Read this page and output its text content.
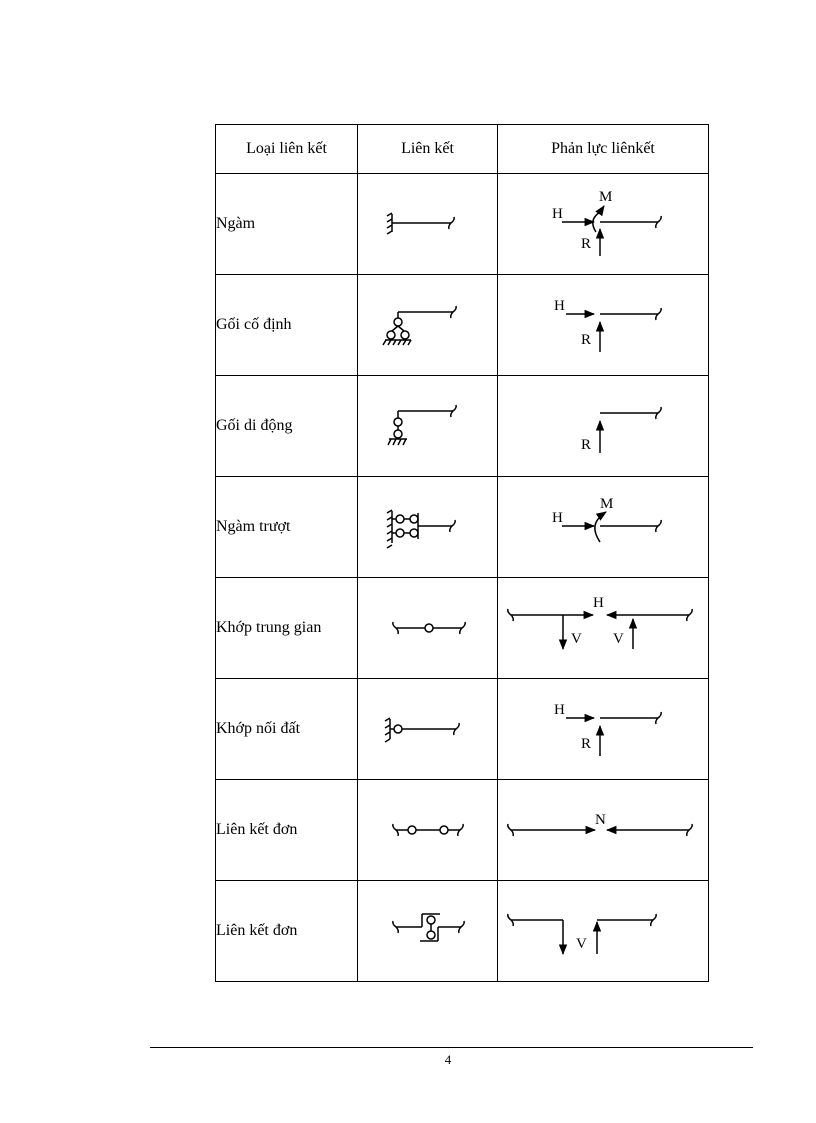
Loại liên kết	Liên kết	Phản lực liênkết
Ngàm		H
M
R

Gối cố định		H
R

Gối di động		R

Ngàm trượt		H
M

Khớp trung gian		H
V V

Khớp nối đất		H
R

Liên kết đơn		N

Liên kết đơn		V
4
